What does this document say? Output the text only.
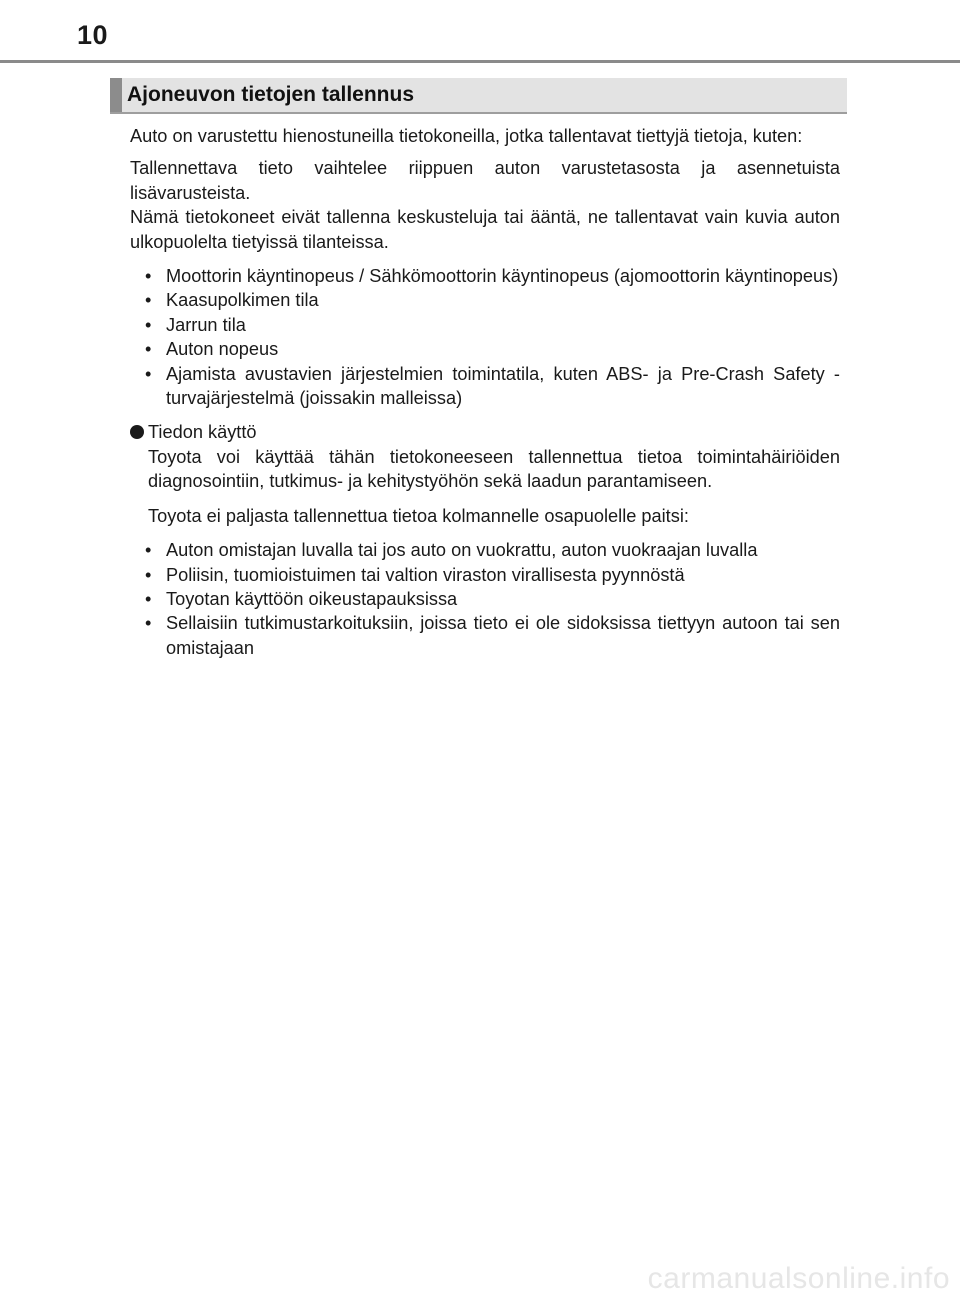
10
Ajoneuvon tietojen tallennus

Auto on varustettu hienostuneilla tietokoneilla, jotka tallentavat tiettyjä tietoja, kuten:

Tallennettava tieto vaihtelee riippuen auton varustetasosta ja asennetuista lisävarusteista.

Nämä tietokoneet eivät tallenna keskusteluja tai ääntä, ne tallentavat vain kuvia auton ulkopuolelta tietyissä tilanteissa.

• Moottorin käyntinopeus / Sähkömoottorin käyntinopeus (ajomoottorin käyntinopeus)
• Kaasupolkimen tila
• Jarrun tila
• Auton nopeus
• Ajamista avustavien järjestelmien toimintatila, kuten ABS- ja Pre-Crash Safety -turvajärjestelmä (joissakin malleissa)

Tiedon käyttö

Toyota voi käyttää tähän tietokoneeseen tallennettua tietoa toimintahäiriöiden diagnosointiin, tutkimus- ja kehitystyöhön sekä laadun parantamiseen.

Toyota ei paljasta tallennettua tietoa kolmannelle osapuolelle paitsi:

• Auton omistajan luvalla tai jos auto on vuokrattu, auton vuokraajan luvalla
• Poliisin, tuomioistuimen tai valtion viraston virallisesta pyynnöstä
• Toyotan käyttöön oikeustapauksissa
• Sellaisiin tutkimustarkoituksiin, joissa tieto ei ole sidoksissa tiettyyn autoon tai sen omistajaan
carmanualsonline.info
